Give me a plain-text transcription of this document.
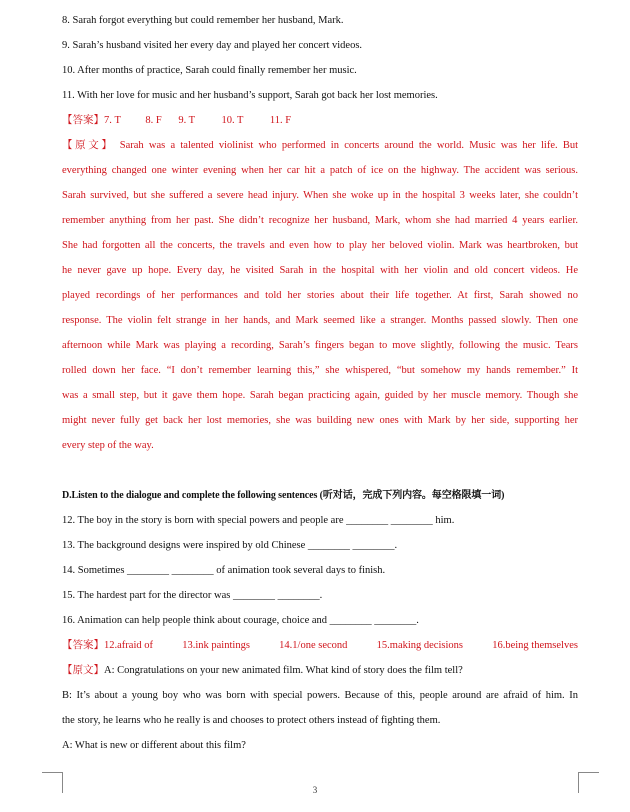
8. Sarah forgot everything but could remember her husband, Mark.
9. Sarah’s husband visited her every day and played her concert videos.
10. After months of practice, Sarah could finally remember her music.
11. With her love for music and her husband’s support, Sarah got back her lost memories.
【答案】7. T 8. F 9. T	10. T	11. F
【原文】 Sarah was a talented violinist who performed in concerts around the world. Music was her life. But
everything changed one winter evening when her car hit a patch of ice on the highway. The accident was serious.
Sarah survived, but she suffered a severe head injury. When she woke up in the hospital 3 weeks later, she couldn’t
remember anything from her past. She didn’t recognize her husband, Mark, whom she had married 4 years earlier.
She had forgotten all the concerts, the travels and even how to play her beloved violin. Mark was heartbroken, but
he never gave up hope. Every day, he visited Sarah in the hospital with her violin and old concert videos. He
played recordings of her performances and told her stories about their life together. At first, Sarah showed no
response. The violin felt strange in her hands, and Mark seemed like a stranger. Months passed slowly. Then one
afternoon while Mark was playing a recording, Sarah’s fingers began to move slightly, following the music. Tears
rolled down her face. “I don’t remember learning this,” she whispered, “but somehow my hands remember.” It
was a small step, but it gave them hope. Sarah began practicing again, guided by her muscle memory. Though she
might never fully get back her lost memories, she was building new ones with Mark by her side, supporting her
every step of the way.
D.Listen to the dialogue and complete the following sentences (听对话，完成下列内容。每空格限填一词)
12. The boy in the story is born with special powers and people are ________ ________ him.
13. The background designs were inspired by old Chinese ________ ________.
14. Sometimes ________ ________ of animation took several days to finish.
15. The hardest part for the director was ________ ________.
16. Animation can help people think about courage, choice and ________ ________.
【答案】12.afraid of	13.ink paintings	14.1/one second	15.making decisions	16.being themselves
【原文】A: Congratulations on your new animated film. What kind of story does the film tell?
B: It’s about a young boy who was born with special powers. Because of this, people around are afraid of him. In
the story, he learns who he really is and chooses to protect others instead of fighting them.
A: What is new or different about this film?
3
